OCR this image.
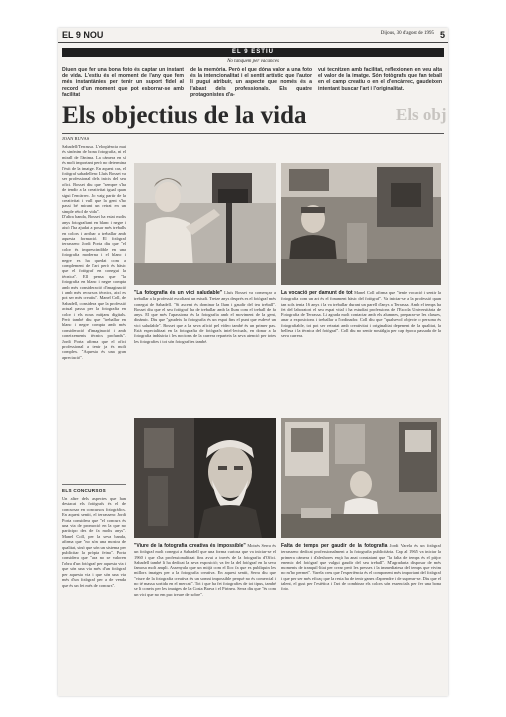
EL 9 NOU	Dijous, 30 d'agost de 1995 5
EL 9 ESTIU
No tanquem per vacances
Diuen que fer una bona foto és captar un instant de vida. L'estiu és el moment de l'any que fem més instantànies per tenir un suport fidel al record d'un moment que pot esborrar-se amb facilitat
de la memòria. Però el que dóna valor a una foto és la intencionalitat i el sentit artístic que l'autor li pugui atribuir, un aspecte que només és a l'abast dels professionals. Els quatre protagonistes d'a-
vui tecnitzen amb facilitat, reflexionen en veu alta el valor de la imatge. Són fotògrafs que fan teball en el camp creatiu o en el d'encàrrec, gaudeixen intentant buscar l'art i l'originalitat.
Els objectius de la vida	Els obj
JOAN RUVAS
Sabadell/Terrassa. L'eloqüència mai és sinònim de bona fotografia, ni el mirall de l'ànima. La càmera en sí és molt important però no determina l'èxit de la imatge. En aquest cas, el fotògraf sabadellenc Lluís Bosset va ser professional dels inicis del seu ofici. Bosset diu que "sempre s'ha de tendir a la creativitat igual quan sigui l'encàrrec. Jo vaig partir de la creativitat i vull que la gent s'ho passi bé mirant un retrat en un simple rètol de vida".
D'altra banda, Bosset ha estat molts anys fotografiant en blanc i negre i això l'ha ajudat a posar més treballs en colors i arribar a treballar amb aquesta formació. El fotògraf terrassenc Jordi Porta diu que "el color és imprescindible en una fotografia moderna i el blanc i negre es ha quedat com a complement de l'art però és bàsic que el fotògraf en conegui la tècnica". Ell pensa que "la fotografia en blanc i negre compta amb més consideració d'imaginació i amb més recursos tècnics, així es pot ser més creatiu". Manel Coll, de Sabadell, considera que la professió actual passa per la fotografia en color i els nous mitjans digitals. Però també diu que "treballar en blanc i negre compta amb més consideració d'imaginació i amb coneixements tècnics profunds". Jordi Porta afirma que el ofici professional a tenir ja és molt complex. "Aquesta és una gran apreciació".
ELS CONCURSOS
Un altre dels aspectes que han destacat els fotògrafs és el de concursar en concursos fotogràfics. En aquest sentit, el terrassenc Jordi Porta considera que "el concurs és una via de promoció en la que no participo des de fa molts anys". Manel Coll, per la seva banda, afirma que "no són una mostra de qualitat, sinó que són un sistema per publicitar la pròpia feina". Porta considera que "ara no se valoren l'obra d'un fotògraf per aquesta via i que són una via més d'un fotògraf per aquesta via i que són una via més d'un fotògraf per a de venda que és un fet més de concurs".
"La fotografia és un vici saludable" Lluís Bosset va començar a treballar a la professió escoltant un estudi. Tretze anys després es el fotògraf més conegut de Sabadell. "Si ascent és dominar la llum i gaudir del teu treball". Bosset diu que el seu fotògraf ha de treballar amb la llum com el treball de fa anys. El que més l'apassiona és la fotografia amb el moviment de la gent, dinàmic. Diu que "gaudeix la fotografia és un espai fins el punt que esdevé un vici saludable". Bosset que a la seva afició pel vídeo també és un primer pas. Està especialitzat en la fotografia de fotògrafs intel·lectuals, en donar a la fotografia indústria i les nocions de la carrera reparteix la seva atenció per totes les fotografies i tot són fotografies també.
La vocació per damunt de tot Manel Coll afirma que "teníe vocació i sentir la fotografia com un art és el fonament bàsic del fotògraf". Va iniciar-se a la professió quan tan sols tenia 16 anys i la va treballar durant un parell d'anys a Terrassa. Amb el temps ha fet del laboratori el seu espai vital i ha estudiat professions de l'Escola Universitària de Fotografia de Terrassa. Li agrada molt contactar amb els alumnes, preparar-se les classes, anar a exposicions i treballar a l'ordinador. Coll diu que "qualsevol objecte o persona és fotografiable, tot pot ser retratat amb creativitat i originalitat depenent de la qualitat, la bellesa i la tècnica del fotògraf". Coll diu no sentir nostàlgia per cap època passada de la seva carrera.
"Viure de la fotografia creativa és impossible" Moisès Serra és un fotògraf molt conegut a Sabadell que una forma curiosa que va iniciar-se el 1960 i que s'ha professionalitzat fins avui a través de la fotografia d'Ofici. Sabadell també li ha dedicat la seva exposició; va fer la del fotògraf en la seva famosa molt ampli. Assenyala que un mitjà com el lloc fa que es publiquin les millors imatges per a la fotografia creativa. En aquest sentit, Serra diu que "viure de la fotografia creativa és un somni impossible perquè no és comercial i no té massa sortida en el mercat". Tot i que ha fet fotografies de tot tipus, també se li coneix per les imatges de la Costa Brava i el Pirineu. Serra diu que "és com un vici que no em puc treure de sobre".
Falta de temps per gaudir de la fotografia Jordi Varela és un fotògraf terrassenc dedicat professionalment a la fotografia publicitària. Cap al 1965 va iniciar la primera càmera i d'aleshores ençà ha anat constatant que "la falta de temps és el pitjor enemic del fotògraf que vulgui gaudir del seu treball". M'agradaria disposar de més moments de tranquil·litat per crear però les presses i la immediatesa del temps que vivim no m'ho permet". Varela creu que l'experiència és el component més important del fotògraf i que per ser més eficaç que la resta ha de tenir ganes d'aprendre i de superar-se. Diu que el talent, el gust per l'estètica i l'art de combinar els colors són essencials per fer una bona foto.
